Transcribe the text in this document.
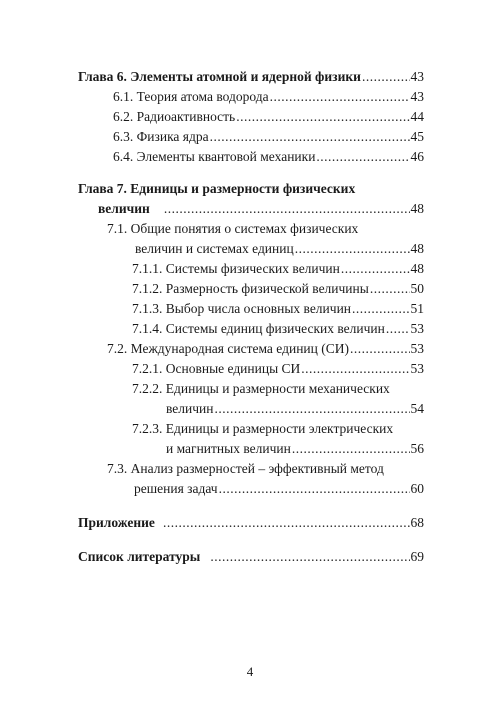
Глава 6. Элементы атомной и ядерной физики .....	43
6.1. Теория атома водорода .....	43
6.2. Радиоактивность .....	44
6.3. Физика ядра .....	45
6.4. Элементы квантовой механики .....	46
Глава 7. Единицы и размерности физических
величин .....	48
7.1. Общие понятия о системах физических
величин и системах единиц .....	48
7.1.1. Системы физических величин .....	48
7.1.2. Размерность физической величины .....	50
7.1.3. Выбор числа основных величин .....	51
7.1.4. Системы единиц физических величин ..... 53
7.2. Международная система единиц (СИ) .....	53
7.2.1. Основные единицы СИ .....	53
7.2.2. Единицы и размерности механических
величин .....	54
7.2.3. Единицы и размерности электрических
и магнитных величин .....	56
7.3. Анализ размерностей – эффективный метод
решения задач .....	60
Приложение .....	68
Список литературы .....	69
4
